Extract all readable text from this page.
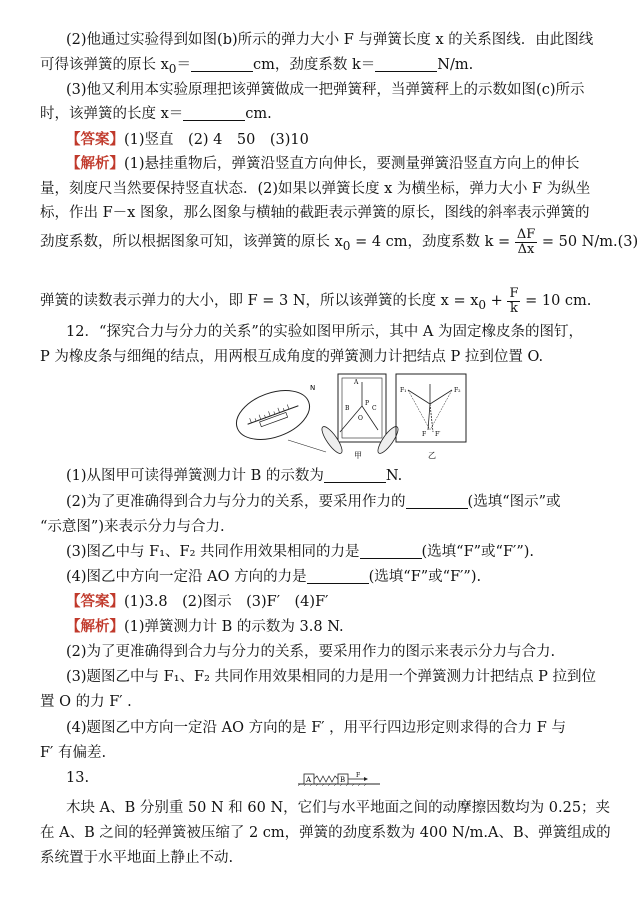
(2)他通过实验得到如图(b)所示的弹力大小 F 与弹簧长度 x 的关系图线．由此图线
可得该弹簧的原长 $x_0=$	cm，劲度系数 k＝	N/m.
(3)他又利用本实验原理把该弹簧做成一把弹簧秤，当弹簧秤上的示数如图(c)所示
时，该弹簧的长度 x＝	cm.
【答案】(1)竖直　(2) 4　50　(3)10
【解析】(1)悬挂重物后，弹簧沿竖直方向伸长，要测量弹簧沿竖直方向上的伸长
量，刻度尺当然要保持竖直状态．(2)如果以弹簧长度 x 为横坐标，弹力大小 F 为纵坐
标，作出 F－x 图象，那么图象与横轴的截距表示弹簧的原长，图线的斜率表示弹簧的
劲度系数，所以根据图象可知，该弹簧的原长 $x_0 = 4$ cm，劲度系数 $k = \frac{\Delta F}{\Delta x} = 50$ N/m.(3)
弹簧的读数表示弹力的大小，即 F = 3 N，所以该弹簧的长度 $x = x_0 + \frac{F}{k} = 10$ cm.
12．“探究合力与分力的关系”的实验如图甲所示，其中 A 为固定橡皮条的图钉，
P 为橡皮条与细绳的结点，用两根互成角度的弹簧测力计把结点 P 拉到位置 O.
N
A
P
O
B	C
甲
F₁	F₂
F F′
乙
(1)从图甲可读得弹簧测力计 B 的示数为	N.
(2)为了更准确得到合力与分力的关系，要采用作力的	(选填“图示”或
“示意图”)来表示分力与合力.
(3)图乙中与 F₁、F₂ 共同作用效果相同的力是	(选填“F”或“F′”).
(4)图乙中方向一定沿 AO 方向的力是	(选填“F”或“F′”).
【答案】(1)3.8　(2)图示　(3)F′　(4)F′
【解析】(1)弹簧测力计 B 的示数为 3.8 N.
(2)为了更准确得到合力与分力的关系，要采用作力的图示来表示分力与合力.
(3)题图乙中与 F₁、F₂ 共同作用效果相同的力是用一个弹簧测力计把结点 P 拉到位
置 O 的力 F′ .
(4)题图乙中方向一定沿 AO 方向的是 F′ ，用平行四边形定则求得的合力 F 与
F′ 有偏差.
13.	A	B
F
木块 A、B 分别重 50 N 和 60 N，它们与水平地面之间的动摩擦因数均为 0.25；夹
在 A、B 之间的轻弹簧被压缩了 2 cm，弹簧的劲度系数为 400 N/m.A、B、弹簧组成的
系统置于水平地面上静止不动.
